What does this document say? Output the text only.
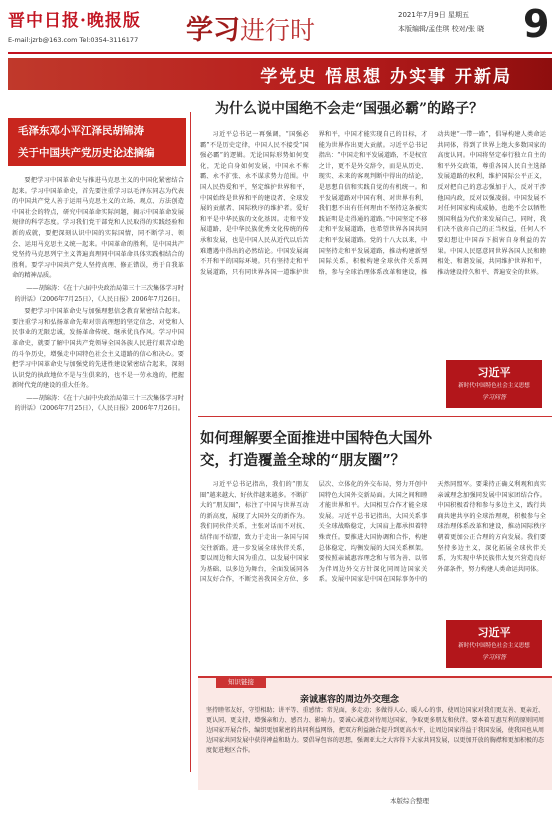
晋中日报·晚报版
E-mail:jzrb@163.com Tel:0354-3116177 学习进行时
2021年7月9日 星期五
本版编辑/孟佳琪 校对/张 晓 9
学党史 悟思想 办实事 开新局
毛泽东邓小平江泽民胡锦涛
关于中国共产党历史论述摘编

要把学习中国革命史与推进马克思主义的中国化紧密结合起来。学习中国革命史，首先要注重学习以毛泽东同志为代表的中国共产党人善于运用马克思主义的立场、观点、方法创造中国社会的特点，研究中国革命实际问题，揭示中国革命发展规律的科学态度。学习我们党干部党和人民取得的实践经验和新的成就，要把深刻认识中国的实际国情，同不断学习、领会、运用马克思主义统一起来。中国革命的胜利，是中国共产党坚持马克思列宁主义普遍真理同中国革命具体实践相结合的胜利。要学习中国共产党人坚持真理、修正错误，勇于自我革命的精神品质。

——胡锦涛：《在十六届中央政治局第三十三次集体学习时的讲话》（2006年7月25日），《人民日报》2006年7月26日。

要把学习中国革命史与加强理想信念教育紧密结合起来。要注重学习和弘扬革命先辈对崇高理想的坚定信念、对党和人民事业的无限忠诚，发扬革命传统、继承优良作风。学习中国革命史，就要了解中国共产党领导全国各族人民进行艰苦卓绝的斗争历史，增强走中国特色社会主义道路的信心和决心。要把学习中国革命史与加强党的先进性建设紧密结合起来，深刻认识党的执政地位不是与生俱来的，也不是一劳永逸的，把握新时代党的建设的重大任务。

——胡锦涛：《在十六届中央政治局第三十三次集体学习时的讲话》（2006年7月25日），《人民日报》2006年7月26日。

为什么说中国绝不会走“国强必霸”的路子？

习近平总书记一再强调，“国强必霸”不是历史定律，中国人民不接受“国强必霸”的逻辑。无论国际形势如何变化，无论自身如何发展，中国永不称霸、永不扩张、永不谋求势力范围。中国人民热爱和平，坚定维护世界和平，中国始终是世界和平的建设者、全球发展的贡献者、国际秩序的维护者。爱好和平是中华民族的文化基因。走和平发展道路，是中华民族优秀文化传统的传承和发展，也是中国人民从近代以后苦难遭遇中得出的必然结论。中国发展离不开和平的国际环境。只有坚持走和平发展道路，只有同世界各国一道维护世界和平，中国才能实现自己的目标，才能为世界作出更大贡献。习近平总书记指出：“中国走和平发展道路，不是权宜之计，更不是外交辞令，而是从历史、现实、未来的客观判断中得出的结论，是思想自信和实践自觉的有机统一。和平发展道路对中国有利、对世界有利，我们想不出有任何理由不坚持这条被实践证明是走得通的道路。”中国坚定不移走和平发展道路，也希望世界各国共同走和平发展道路。党的十八大以来，中国坚持走和平发展道路，推动构建新型国际关系，积极构建全球伙伴关系网络，参与全球治理体系改革和建设，推动共建“一带一路”，倡导构建人类命运共同体，得到了世界上绝大多数国家的高度认同。中国将坚定奉行独立自主的和平外交政策，尊重各国人民自主选择发展道路的权利，维护国际公平正义，反对把自己的意志强加于人，反对干涉他国内政，反对以强凌弱。中国发展不对任何国家构成威胁，也绝不会以牺牲别国利益为代价来发展自己，同时，我们决不放弃自己的正当权益，任何人不要幻想让中国吞下损害自身利益的苦果。中国人民愿意同世界各国人民和睦相处、和谐发展，共同维护世界和平，推动建设持久和平、普遍安全的世界。

习近平
新时代中国特色社会主义思想
学习问答
如何理解要全面推进中国特色大国外
交，打造覆盖全球的“朋友圈”？

习近平总书记指出，我们的“朋友圈”越来越大、好伙伴越来越多。不断扩大的“朋友圈”，标注了中国与世界互动的新高度，展现了大国外交的新作为。我们同伙伴关系，主张对话而不对抗、结伴而不结盟，致力于走出一条国与国交往新路。进一步发展全球伙伴关系，要以周边和大国为重点、以发展中国家为基础、以多边为舞台，全面发展同各国友好合作，不断完善我国全方位、多层次、立体化的外交布局，努力开创中国特色大国外交新局面。大国之间和睦才能世界和平。大国相互合作才能全球发展。习近平总书记指出，大国关系事关全球战略稳定，大国肩上都承担着特殊责任。要推进大国协调和合作，构建总体稳定、均衡发展的大国关系框架。要按照亲诚惠容理念和与邻为善、以邻为伴周边外交方针深化同周边国家关系。发展中国家是中国在国际事务中的天然同盟军。要秉持正确义利观和真实亲诚理念加强同发展中国家团结合作。中国积极看待和参与多边主义，践行共商共建共享的全球治理观，积极参与全球治理体系改革和建设，推动国际秩序朝着更加公正合理的方向发展。我们要坚持多边主义，深化拓展全球伙伴关系，为实现中华民族伟大复兴营造良好外部条件，努力构建人类命运共同体。

习近平
新时代中国特色社会主义思想
学习问答
知识链接
亲诚惠容的周边外交理念
坚持睦邻友好，守望相助；讲平等、重感情；常见面，多走动；多做得人心、暖人心的事，使周边国家对我们更友善、更亲近、更认同、更支持，增强亲和力、感召力、影响力。要诚心诚意对待周边国家，争取更多朋友和伙伴。要本着互惠互利的原则同周边国家开展合作，编织更加紧密的共同利益网络，把双方利益融合提升到更高水平，让周边国家得益于我国发展，使我国也从周边国家共同发展中获得裨益和助力。要倡导包容的思想，强调亚太之大容得下大家共同发展，以更加开放的胸襟和更加积极的态度促进地区合作。
本版综合整理
